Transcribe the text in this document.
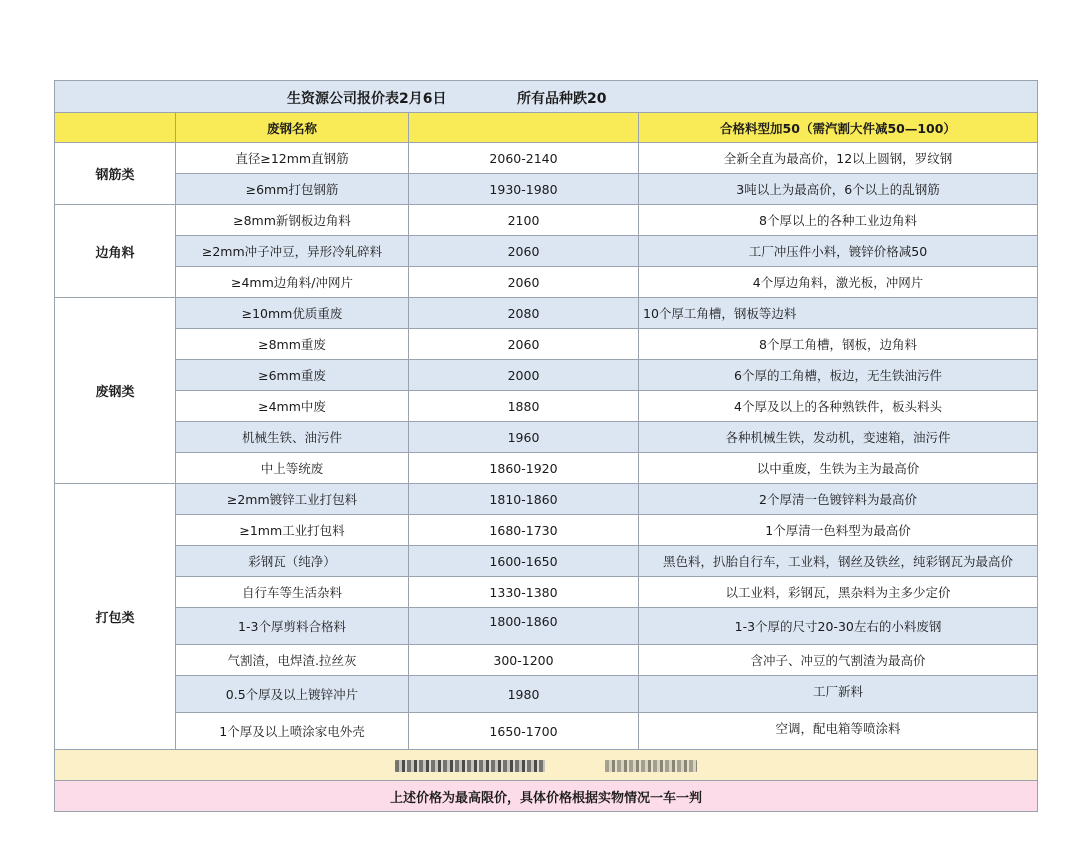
生资源公司报价表2月6日 所有品种跌20			

	废钢名称		合格料型加50（需汽割大件减50—100）
钢筋类	直径≥12mm直钢筋	2060-2140	全新全直为最高价，12以上圆钢，罗纹钢
	≥6mm打包钢筋	1930-1980	3吨以上为最高价，6个以上的乱钢筋
边角料	≥8mm新钢板边角料	2100	8个厚以上的各种工业边角料
	≥2mm冲子冲豆，异形冷轧碎料	2060	工厂冲压件小料，镀锌价格减50
	≥4mm边角料/冲网片	2060	4个厚边角料，激光板，冲网片
废钢类	≥10mm优质重废	2080	10个厚工角槽，钢板等边料
	≥8mm重废	2060	8个厚工角槽，钢板，边角料
	≥6mm重废	2000	6个厚的工角槽，板边，无生铁油污件
	≥4mm中废	1880	4个厚及以上的各种熟铁件，板头料头
	机械生铁、油污件	1960	各种机械生铁，发动机，变速箱，油污件
	中上等统废	1860-1920	以中重废，生铁为主为最高价
打包类	≥2mm镀锌工业打包料	1810-1860	2个厚清一色镀锌料为最高价
	≥1mm工业打包料	1680-1730	1个厚清一色料型为最高价
	彩钢瓦（纯净）	1600-1650	黑色料，扒胎自行车，工业料，钢丝及铁丝，纯彩钢瓦为最高价
	自行车等生活杂料	1330-1380	以工业料，彩钢瓦，黑杂料为主多少定价
	1-3个厚剪料合格料	1800-1860	1-3个厚的尺寸20-30左右的小料废钢
	气割渣，电焊渣.拉丝灰	300-1200	含冲子、冲豆的气割渣为最高价
	0.5个厚及以上镀锌冲片	1980	工厂新料
	1个厚及以上喷涂家电外壳	1650-1700	空调，配电箱等喷涂料

上述价格为最高限价，具体价格根据实物情况一车一判			
